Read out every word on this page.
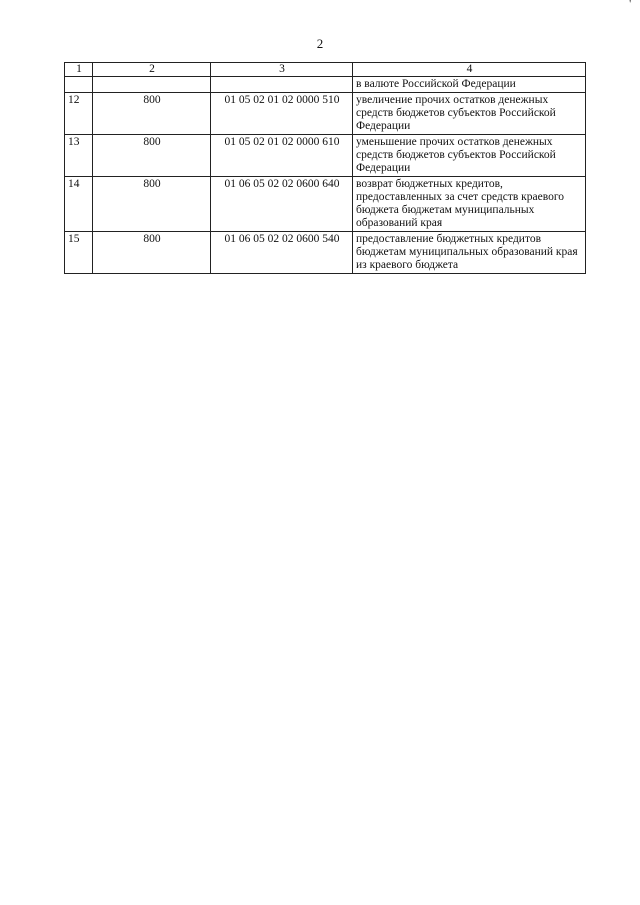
'
2
1	2	3	4
			в валюте Российской Федерации
12	800	01 05 02 01 02 0000 510	увеличение прочих остатков денежных средств бюджетов субъектов Российской Федерации
13	800	01 05 02 01 02 0000 610	уменьшение прочих остатков денежных средств бюджетов субъектов Российской Федерации
14	800	01 06 05 02 02 0600 640	возврат бюджетных кредитов, предоставленных за счет средств краевого бюджета бюджетам муниципальных образований края
15	800	01 06 05 02 02 0600 540	предоставление бюджетных кредитов бюджетам муниципальных образований края из краевого бюджета
